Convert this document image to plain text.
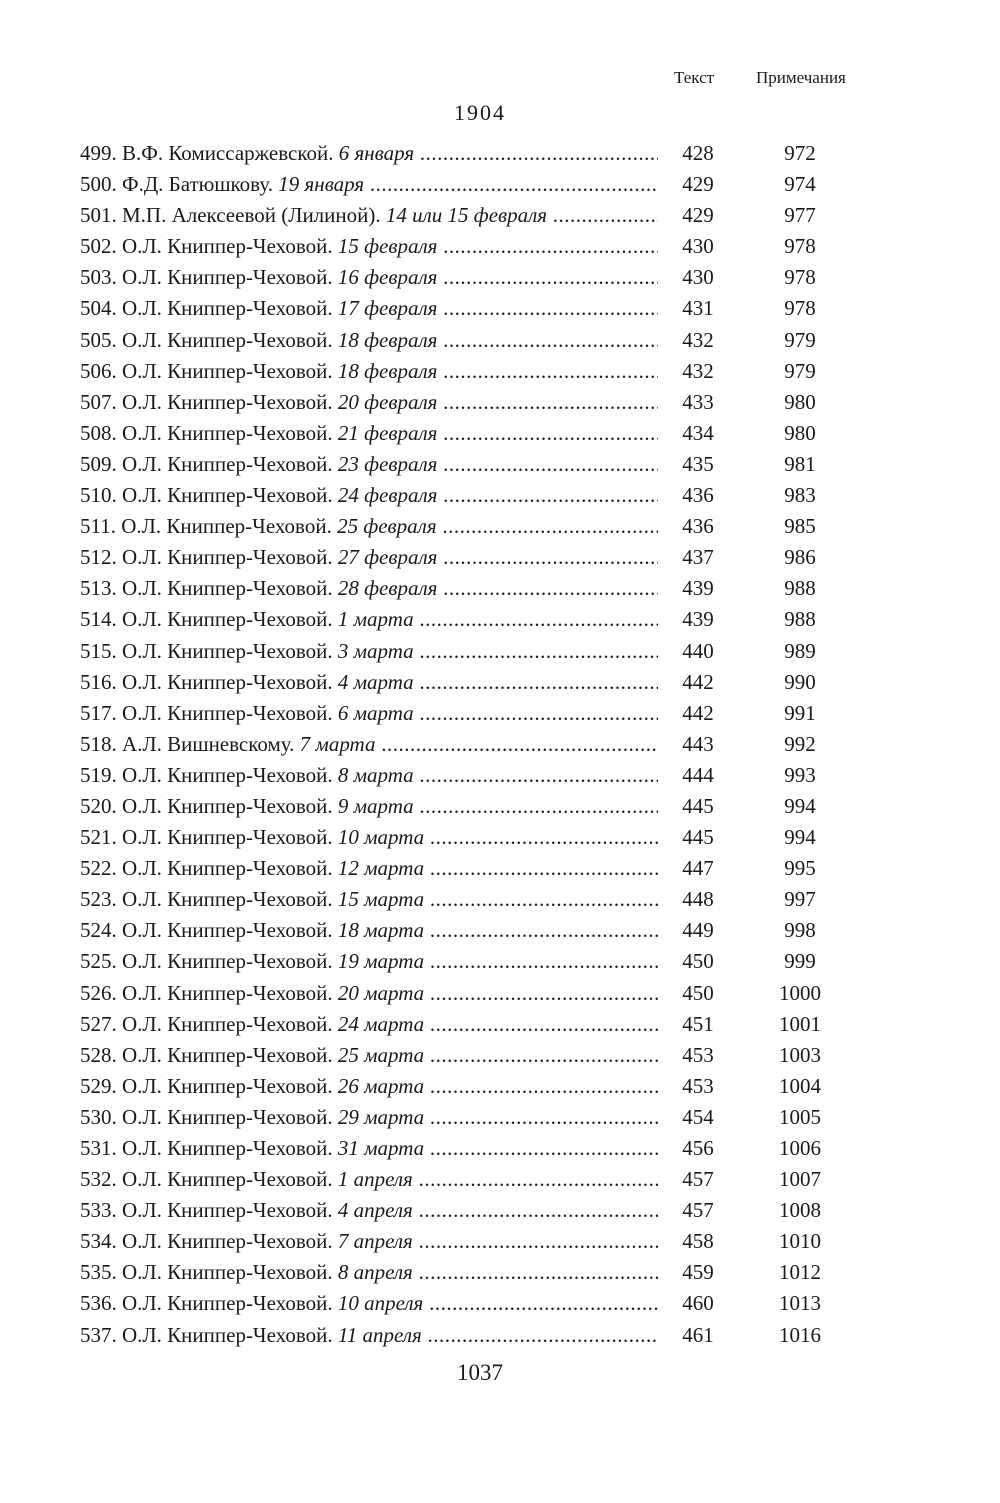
Текст Примечания
1904
499. В.Ф. Комиссаржевской. 6 января .....	428	972
500. Ф.Д. Батюшкову. 19 января .....	429	974
501. М.П. Алексеевой (Лилиной). 14 или 15 февраля .....	429	977
502. О.Л. Книппер-Чеховой. 15 февраля .....	430	978
503. О.Л. Книппер-Чеховой. 16 февраля .....	430	978
504. О.Л. Книппер-Чеховой. 17 февраля .....	431	978
505. О.Л. Книппер-Чеховой. 18 февраля .....	432	979
506. О.Л. Книппер-Чеховой. 18 февраля .....	432	979
507. О.Л. Книппер-Чеховой. 20 февраля .....	433	980
508. О.Л. Книппер-Чеховой. 21 февраля .....	434	980
509. О.Л. Книппер-Чеховой. 23 февраля .....	435	981
510. О.Л. Книппер-Чеховой. 24 февраля .....	436	983
511. О.Л. Книппер-Чеховой. 25 февраля .....	436	985
512. О.Л. Книппер-Чеховой. 27 февраля .....	437	986
513. О.Л. Книппер-Чеховой. 28 февраля .....	439	988
514. О.Л. Книппер-Чеховой. 1 марта .....	439	988
515. О.Л. Книппер-Чеховой. 3 марта .....	440	989
516. О.Л. Книппер-Чеховой. 4 марта .....	442	990
517. О.Л. Книппер-Чеховой. 6 марта .....	442	991
518. А.Л. Вишневскому. 7 марта .....	443	992
519. О.Л. Книппер-Чеховой. 8 марта .....	444	993
520. О.Л. Книппер-Чеховой. 9 марта .....	445	994
521. О.Л. Книппер-Чеховой. 10 марта .....	445	994
522. О.Л. Книппер-Чеховой. 12 марта .....	447	995
523. О.Л. Книппер-Чеховой. 15 марта .....	448	997
524. О.Л. Книппер-Чеховой. 18 марта .....	449	998
525. О.Л. Книппер-Чеховой. 19 марта .....	450	999
526. О.Л. Книппер-Чеховой. 20 марта .....	450	1000
527. О.Л. Книппер-Чеховой. 24 марта .....	451	1001
528. О.Л. Книппер-Чеховой. 25 марта .....	453	1003
529. О.Л. Книппер-Чеховой. 26 марта .....	453	1004
530. О.Л. Книппер-Чеховой. 29 марта .....	454	1005
531. О.Л. Книппер-Чеховой. 31 марта .....	456	1006
532. О.Л. Книппер-Чеховой. 1 апреля .....	457	1007
533. О.Л. Книппер-Чеховой. 4 апреля .....	457	1008
534. О.Л. Книппер-Чеховой. 7 апреля .....	458	1010
535. О.Л. Книппер-Чеховой. 8 апреля .....	459	1012
536. О.Л. Книппер-Чеховой. 10 апреля .....	460	1013
537. О.Л. Книппер-Чеховой. 11 апреля .....	461	1016
1037
